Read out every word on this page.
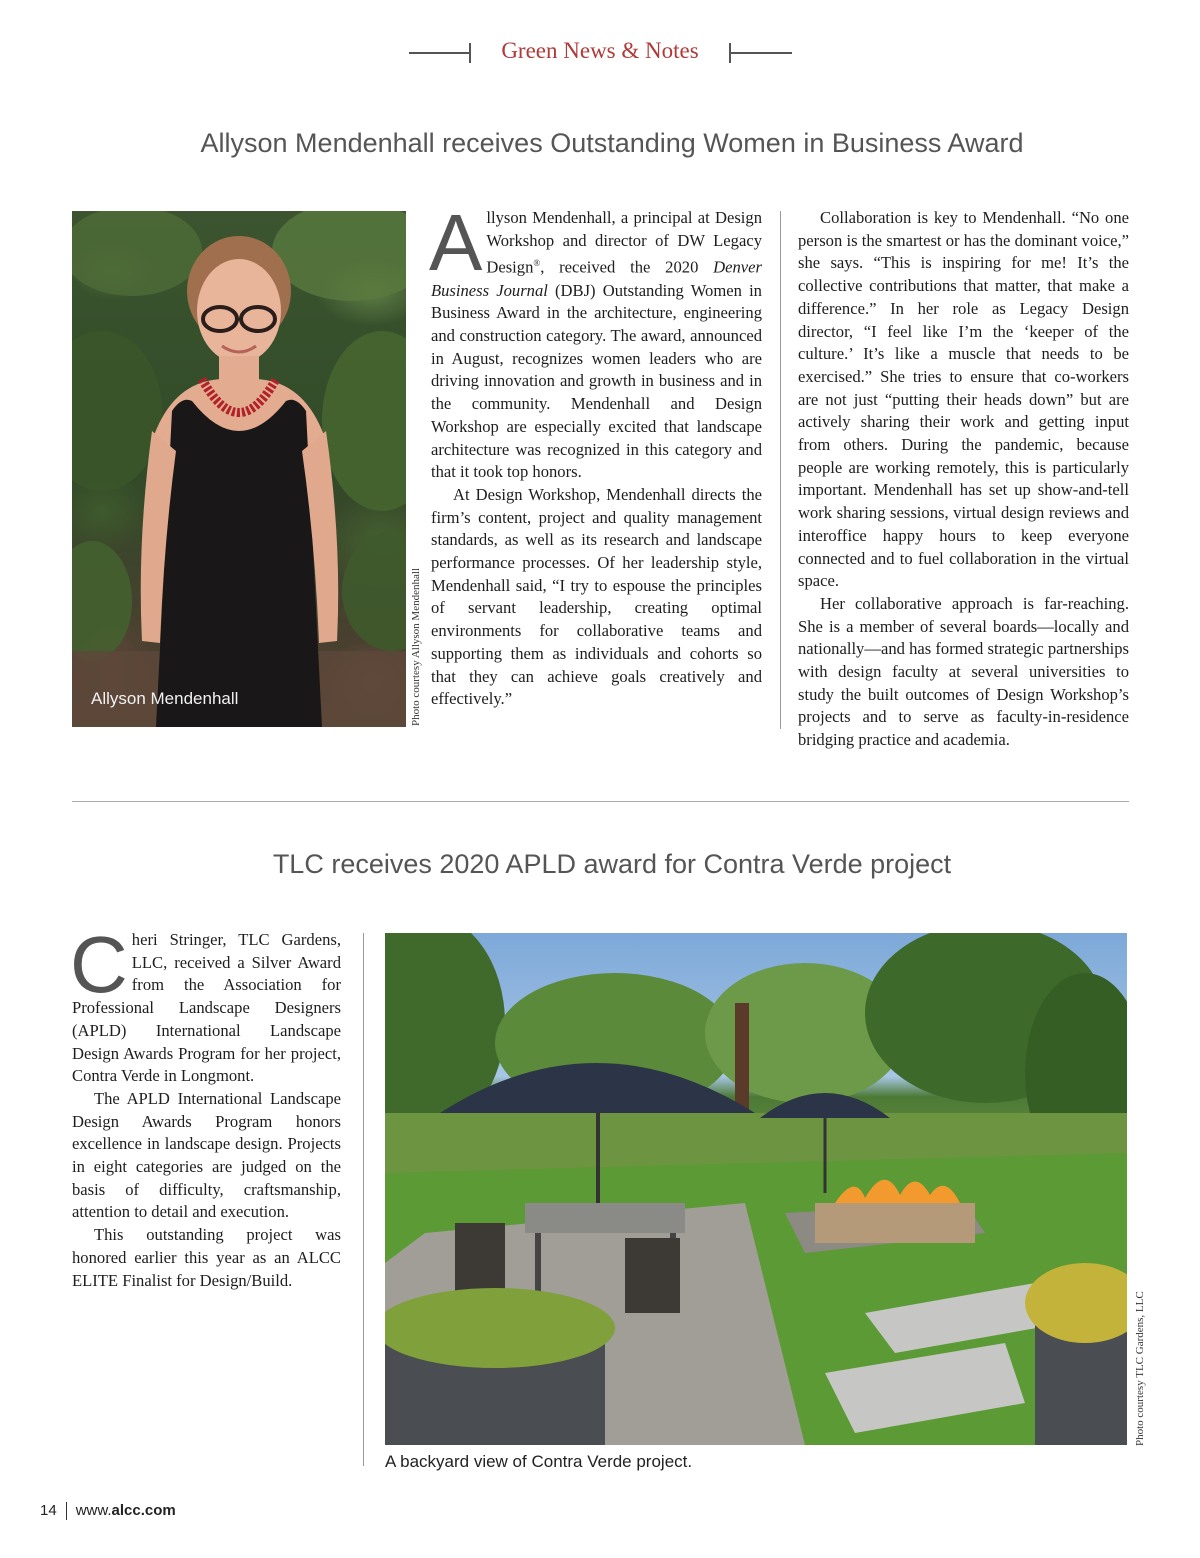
Green News & Notes
Allyson Mendenhall receives Outstanding Women in Business Award
Allyson Mendenhall	Photo courtesy Allyson Mendenhall

Allyson Mendenhall, a principal at Design Workshop and director of DW Legacy Design®, received the 2020 Denver Business Journal (DBJ) Outstanding Women in Business Award in the architecture, engineering and construction category. The award, announced in August, recognizes women leaders who are driving innovation and growth in business and in the community. Mendenhall and Design Workshop are especially excited that landscape architecture was recognized in this category and that it took top honors.

At Design Workshop, Mendenhall directs the firm’s content, project and quality management standards, as well as its research and landscape performance processes. Of her leadership style, Mendenhall said, “I try to espouse the principles of servant leadership, creating optimal environments for collaborative teams and supporting them as individuals and cohorts so that they can achieve goals creatively and effectively.”

Collaboration is key to Mendenhall. “No one person is the smartest or has the dominant voice,” she says. “This is inspiring for me! It’s the collective contributions that matter, that make a difference.” In her role as Legacy Design director, “I feel like I’m the ‘keeper of the culture.’ It’s like a muscle that needs to be exercised.” She tries to ensure that co-workers are not just “putting their heads down” but are actively sharing their work and getting input from others. During the pandemic, because people are working remotely, this is particularly important. Mendenhall has set up show-and-tell work sharing sessions, virtual design reviews and interoffice happy hours to keep everyone connected and to fuel collaboration in the virtual space.

Her collaborative approach is far-reaching. She is a member of several boards—locally and nationally—and has formed strategic partnerships with design faculty at several universities to study the built outcomes of Design Workshop’s projects and to serve as faculty-in-residence bridging practice and academia.

TLC receives 2020 APLD award for Contra Verde project

Cheri Stringer, TLC Gardens, LLC, received a Silver Award from the Association for Professional Landscape Designers (APLD) International Landscape Design Awards Program for her project, Contra Verde in Longmont.

The APLD International Landscape Design Awards Program honors excellence in landscape design. Projects in eight categories are judged on the basis of difficulty, craftsmanship, attention to detail and execution.

This outstanding project was honored earlier this year as an ALCC ELITE Finalist for Design/Build.

A backyard view of Contra Verde project.
Photo courtesy TLC Gardens, LLC
14 www.alcc.com
